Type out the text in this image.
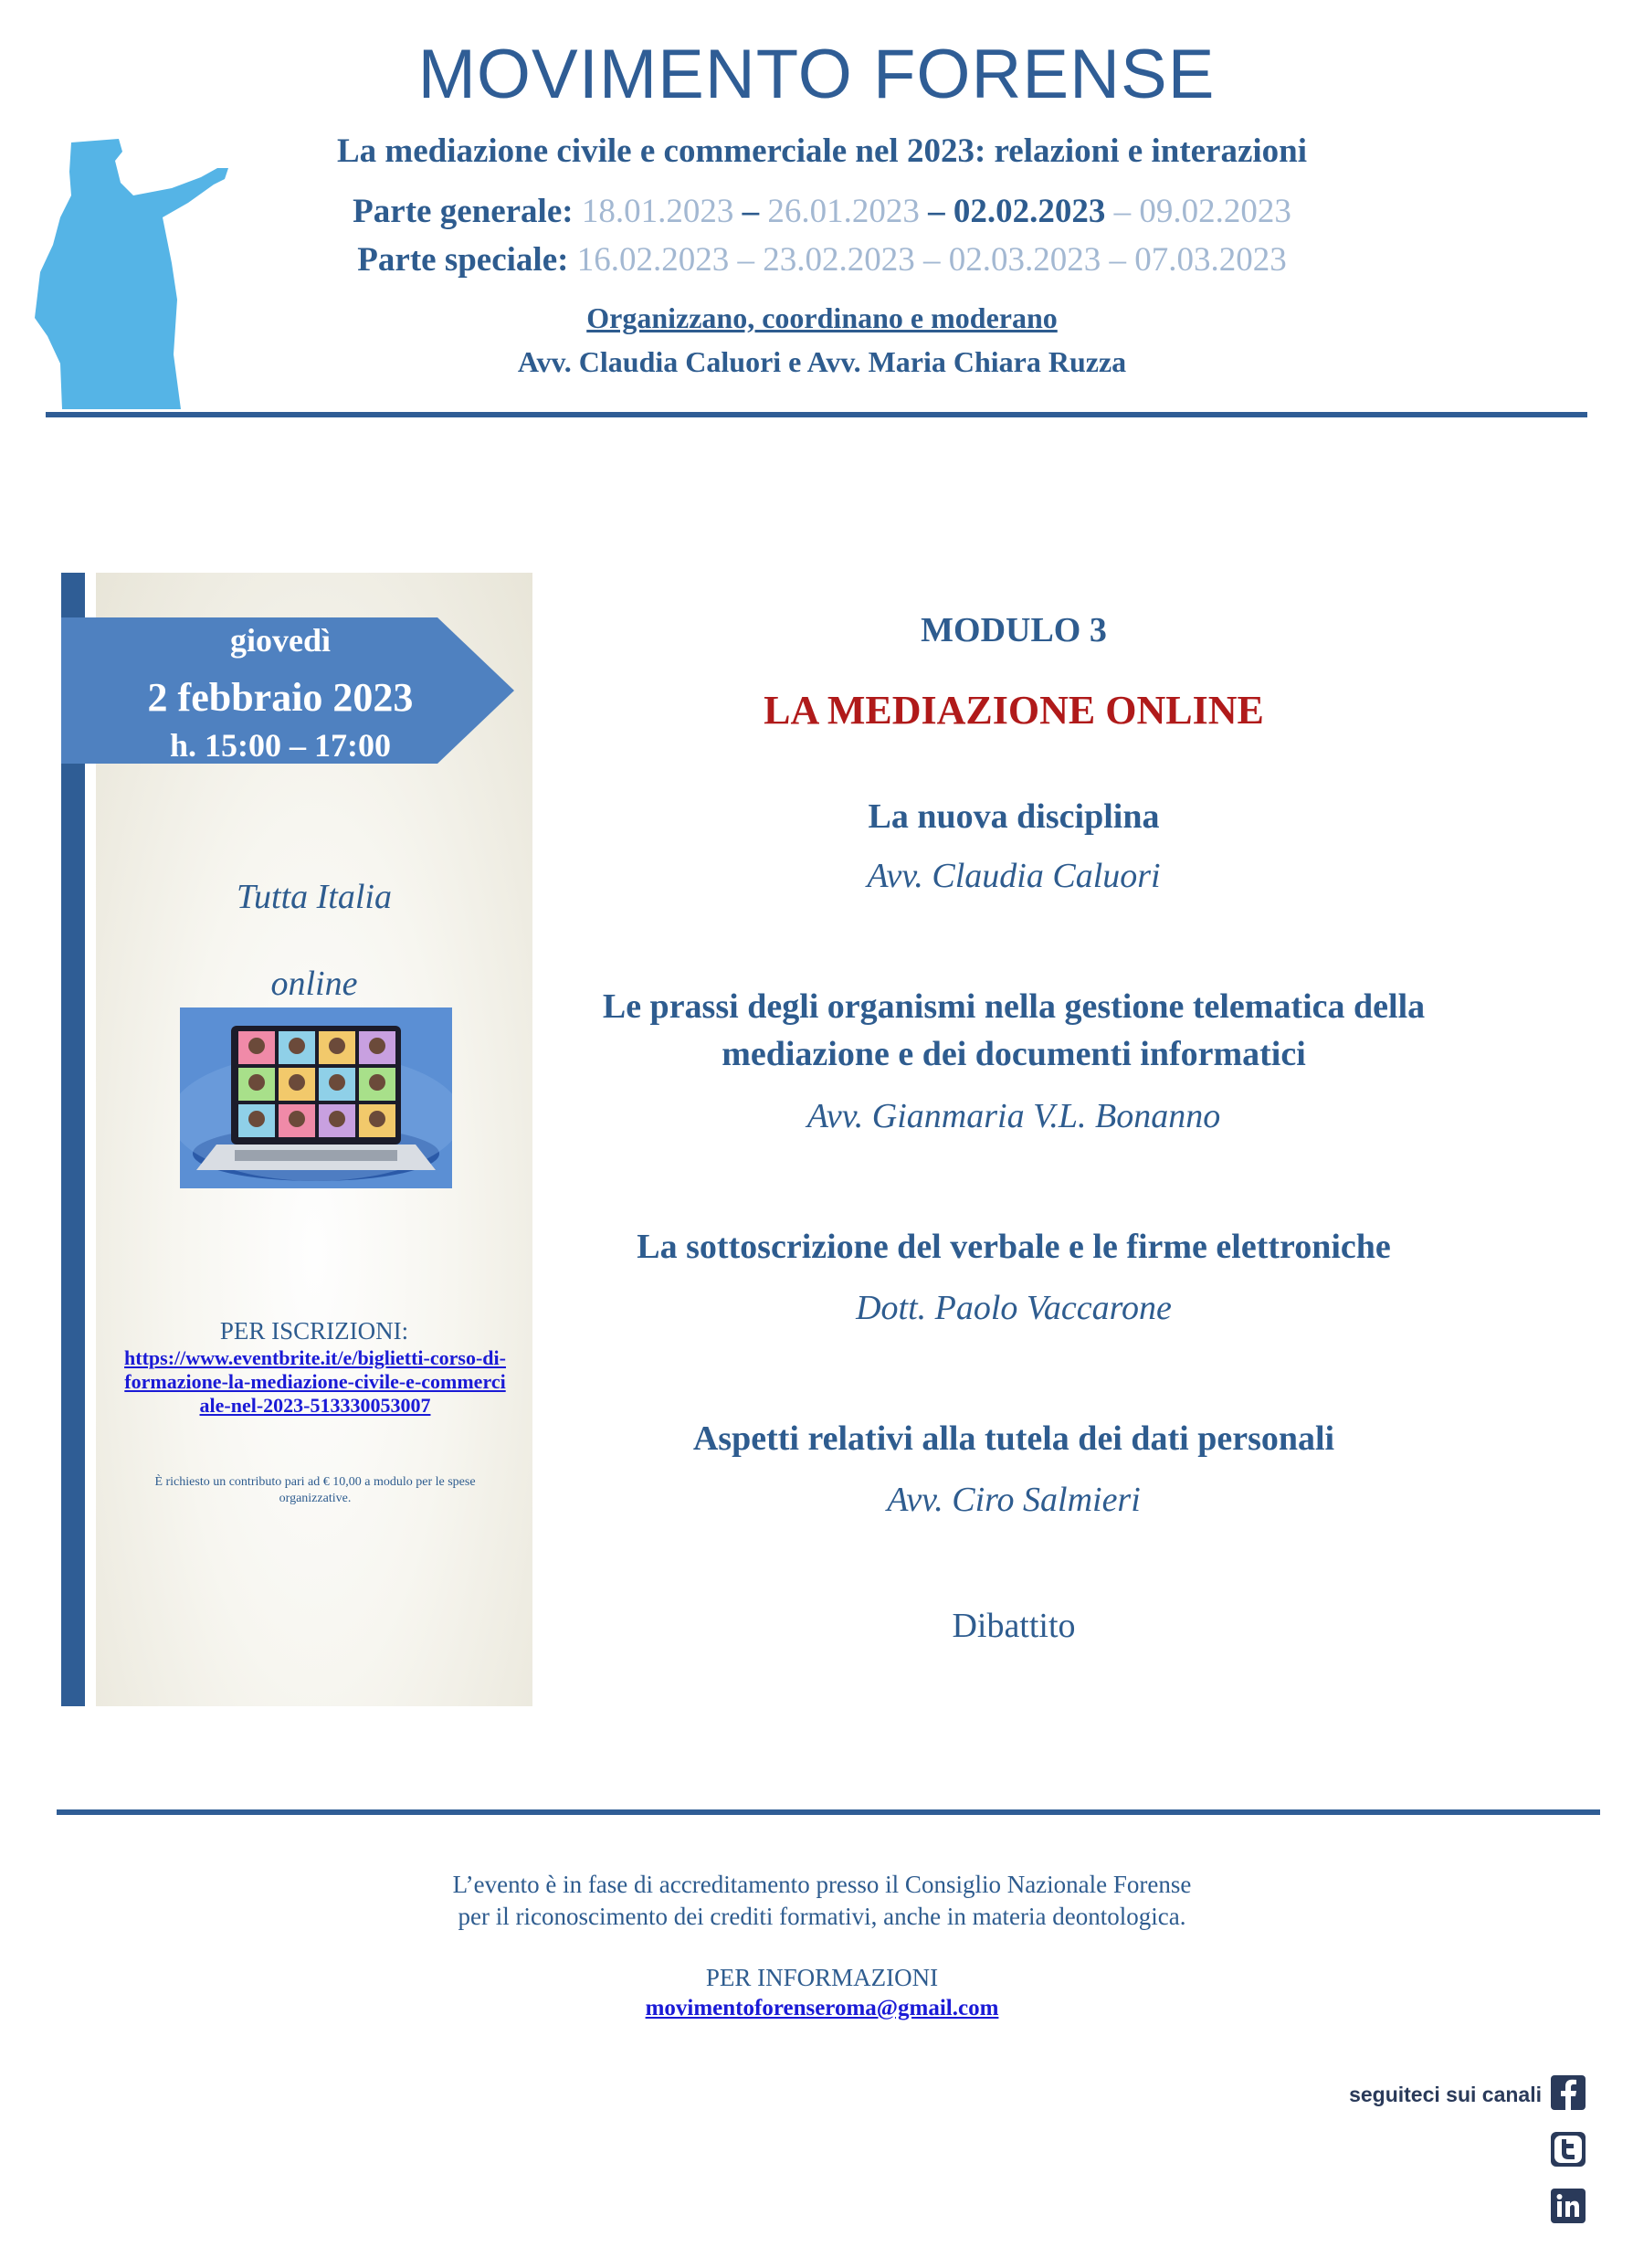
MOVIMENTO FORENSE
La mediazione civile e commerciale nel 2023: relazioni e interazioni
Parte generale: 18.01.2023 – 26.01.2023 – 02.02.2023 – 09.02.2023
Parte speciale: 16.02.2023 – 23.02.2023 – 02.03.2023 – 07.03.2023
Organizzano, coordinano e moderano
Avv. Claudia Caluori e Avv. Maria Chiara Ruzza
giovedì
2 febbraio 2023
h. 15:00 – 17:00
Tutta Italia
online
PER ISCRIZIONI:
https://www.eventbrite.it/e/biglietti-corso-di-formazione-la-mediazione-civile-e-commerciale-nel-2023-513330053007
È richiesto un contributo pari ad € 10,00 a modulo per le spese organizzative.
MODULO 3
LA MEDIAZIONE ONLINE
La nuova disciplina
Avv. Claudia Caluori
Le prassi degli organismi nella gestione telematica della
mediazione e dei documenti informatici
Avv. Gianmaria V.L. Bonanno
La sottoscrizione del verbale e le firme elettroniche
Dott. Paolo Vaccarone
Aspetti relativi alla tutela dei dati personali
Avv. Ciro Salmieri
Dibattito
L’evento è in fase di accreditamento presso il Consiglio Nazionale Forense
per il riconoscimento dei crediti formativi, anche in materia deontologica.
PER INFORMAZIONI
movimentoforenseroma@gmail.com
seguiteci sui canali
